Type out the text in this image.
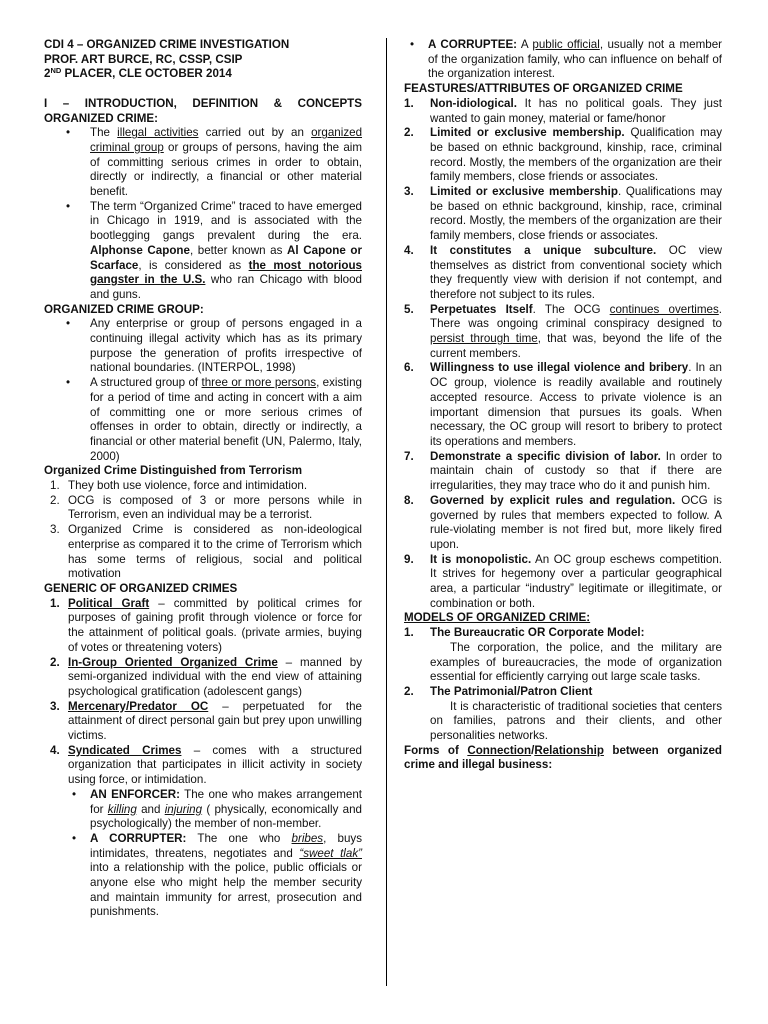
CDI 4 – ORGANIZED CRIME INVESTIGATION

PROF. ART BURCE, RC, CSSP, CSIP

2ND PLACER, CLE OCTOBER 2014

I – INTRODUCTION, DEFINITION & CONCEPTS

ORGANIZED CRIME:

• The illegal activities carried out by an organized criminal group or groups of persons, having the aim of committing serious crimes in order to obtain, directly or indirectly, a financial or other material benefit.
• The term “Organized Crime” traced to have emerged in Chicago in 1919, and is associated with the bootlegging gangs prevalent during the era. Alphonse Capone, better known as Al Capone or Scarface, is considered as the most notorious gangster in the U.S. who ran Chicago with blood and guns.

ORGANIZED CRIME GROUP:

• Any enterprise or group of persons engaged in a continuing illegal activity which has as its primary purpose the generation of profits irrespective of national boundaries. (INTERPOL, 1998)
• A structured group of three or more persons, existing for a period of time and acting in concert with a aim of committing one or more serious crimes of offenses in order to obtain, directly or indirectly, a financial or other material benefit (UN, Palermo, Italy, 2000)

Organized Crime Distinguished from Terrorism

1. They both use violence, force and intimidation.
2. OCG is composed of 3 or more persons while in Terrorism, even an individual may be a terrorist.
3. Organized Crime is considered as non-ideological enterprise as compared it to the crime of Terrorism which has some terms of religious, social and political motivation

GENERIC OF ORGANIZED CRIMES

1. Political Graft – committed by political crimes for purposes of gaining profit through violence or force for the attainment of political goals. (private armies, buying of votes or threatening voters)
2. In-Group Oriented Organized Crime – manned by semi-organized individual with the end view of attaining psychological gratification (adolescent gangs)
3. Mercenary/Predator OC – perpetuated for the attainment of direct personal gain but prey upon unwilling victims.
4. Syndicated Crimes – comes with a structured organization that participates in illicit activity in society using force, or intimidation.
• AN ENFORCER: The one who makes arrangement for killing and injuring ( physically, economically and psychologically) the member of non-member.
• A CORRUPTER: The one who bribes, buys intimidates, threatens, negotiates and “sweet tlak” into a relationship with the police, public officials or anyone else who might help the member security and maintain immunity for arrest, prosecution and punishments.
• A CORRUPTEE: A public official, usually not a member of the organization family, who can influence on behalf of the organization interest.

FEASTURES/ATTRIBUTES OF ORGANIZED CRIME

1. Non-idiological. It has no political goals. They just wanted to gain money, material or fame/honor
2. Limited or exclusive membership. Qualification may be based on ethnic background, kinship, race, criminal record. Mostly, the members of the organization are their family members, close friends or associates.
3. Limited or exclusive membership. Qualifications may be based on ethnic background, kinship, race, criminal record. Mostly, the members of the organization are their family members, close friends or associates.
4. It constitutes a unique subculture. OC view themselves as district from conventional society which they frequently view with derision if not contempt, and therefore not subject to its rules.
5. Perpetuates Itself. The OCG continues overtimes. There was ongoing criminal conspiracy designed to persist through time, that was, beyond the life of the current members.
6. Willingness to use illegal violence and bribery. In an OC group, violence is readily available and routinely accepted resource. Access to private violence is an important dimension that pursues its goals. When necessary, the OC group will resort to bribery to protect its operations and members.
7. Demonstrate a specific division of labor. In order to maintain chain of custody so that if there are irregularities, they may trace who do it and punish him.
8. Governed by explicit rules and regulation. OCG is governed by rules that members expected to follow. A rule-violating member is not fired but, more likely fired upon.
9. It is monopolistic. An OC group eschews competition. It strives for hegemony over a particular geographical area, a particular “industry” legitimate or illegitimate, or combination or both.

MODELS OF ORGANIZED CRIME:

1. The Bureaucratic OR Corporate Model:

The corporation, the police, and the military are examples of bureaucracies, the mode of organization essential for efficiently carrying out large scale tasks.

2. The Patrimonial/Patron Client

It is characteristic of traditional societies that centers on families, patrons and their clients, and other personalities networks.

Forms of Connection/Relationship between organized crime and illegal business:
